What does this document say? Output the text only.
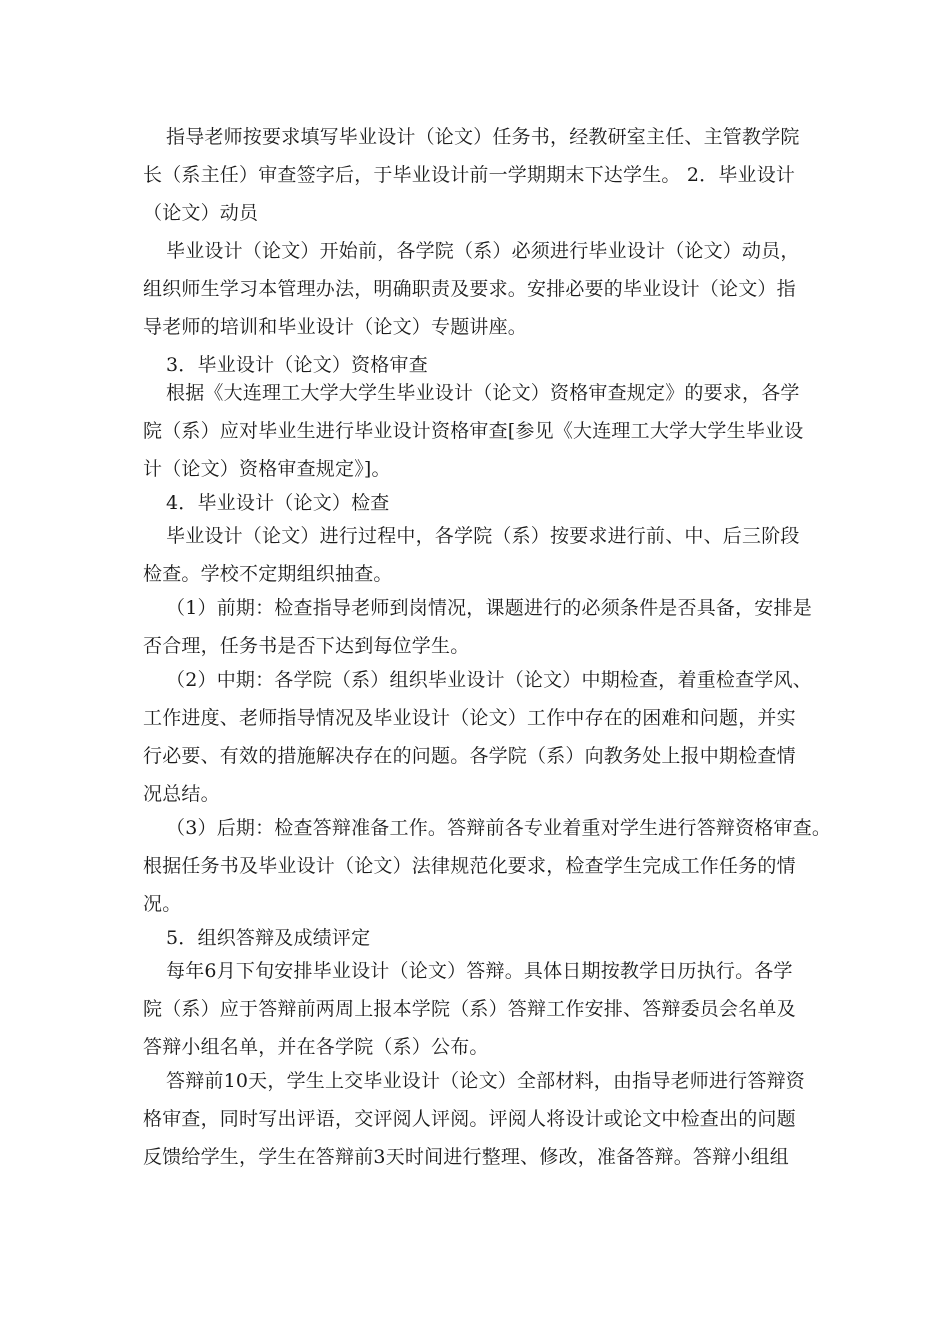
指导老师按要求填写毕业设计（论文）任务书，经教研室主任、主管教学院
长（系主任）审查签字后，于毕业设计前一学期期末下达学生。 2．毕业设计
（论文）动员
毕业设计（论文）开始前，各学院（系）必须进行毕业设计（论文）动员，
组织师生学习本管理办法，明确职责及要求。安排必要的毕业设计（论文）指
导老师的培训和毕业设计（论文）专题讲座。
3．毕业设计（论文）资格审查
根据《大连理工大学大学生毕业设计（论文）资格审查规定》的要求，各学
院（系）应对毕业生进行毕业设计资格审查[参见《大连理工大学大学生毕业设
计（论文）资格审查规定》]。
4．毕业设计（论文）检查
毕业设计（论文）进行过程中，各学院（系）按要求进行前、中、后三阶段
检查。学校不定期组织抽查。
（1）前期：检查指导老师到岗情况，课题进行的必须条件是否具备，安排是
否合理，任务书是否下达到每位学生。
（2）中期：各学院（系）组织毕业设计（论文）中期检查，着重检查学风、
工作进度、老师指导情况及毕业设计（论文）工作中存在的困难和问题，并实
行必要、有效的措施解决存在的问题。各学院（系）向教务处上报中期检查情
况总结。
（3）后期：检查答辩准备工作。答辩前各专业着重对学生进行答辩资格审查。
根据任务书及毕业设计（论文）法律规范化要求，检查学生完成工作任务的情
况。
5．组织答辩及成绩评定
每年6月下旬安排毕业设计（论文）答辩。具体日期按教学日历执行。各学
院（系）应于答辩前两周上报本学院（系）答辩工作安排、答辩委员会名单及
答辩小组名单，并在各学院（系）公布。
答辩前10天，学生上交毕业设计（论文）全部材料，由指导老师进行答辩资
格审查，同时写出评语，交评阅人评阅。评阅人将设计或论文中检查出的问题
反馈给学生，学生在答辩前3天时间进行整理、修改，准备答辩。答辩小组组
